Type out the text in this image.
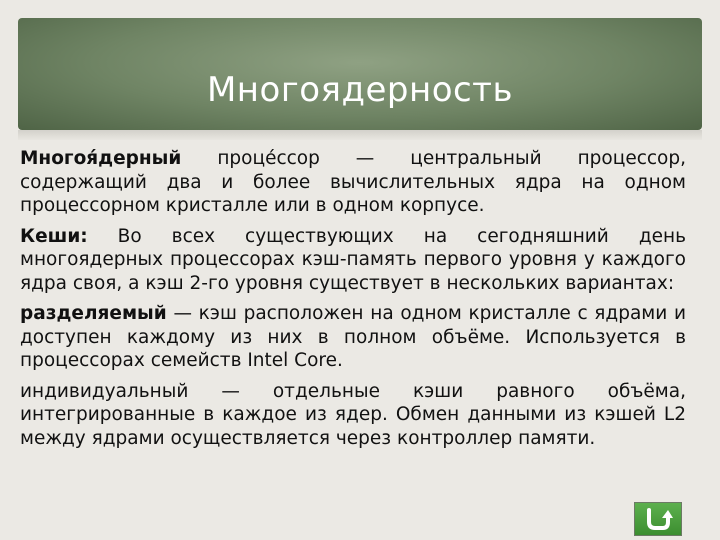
Многоядерность

Многоя́дерный проце́ссор — центральный процессор, содержащий два и более вычислительных ядра на одном процессорном кристалле или в одном корпусе.

Кеши: Во всех существующих на сегодняшний день многоядерных процессорах кэш-память первого уровня у каждого ядра своя, а кэш 2-го уровня существует в нескольких вариантах:

разделяемый — кэш расположен на одном кристалле с ядрами и доступен каждому из них в полном объёме. Используется в процессорах семейств Intel Core.

индивидуальный — отдельные кэши равного объёма, интегрированные в каждое из ядер. Обмен данными из кэшей L2 между ядрами осуществляется через контроллер памяти.
